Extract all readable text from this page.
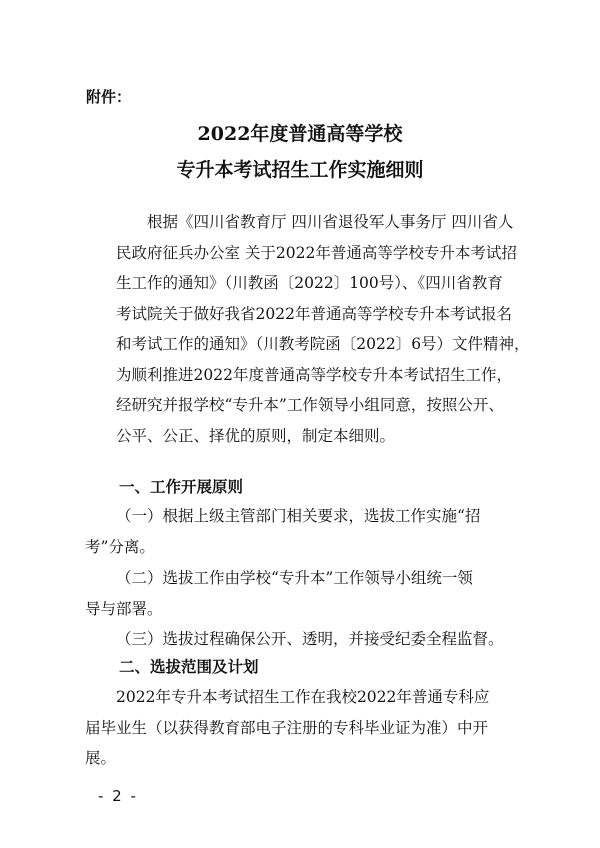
附件：
2022年度普通高等学校
专升本考试招生工作实施细则
根据《四川省教育厅 四川省退役军人事务厅 四川省人
民政府征兵办公室 关于2022年普通高等学校专升本考试招
生工作的通知》（川教函〔2022〕100号）、《四川省教育
考试院关于做好我省2022年普通高等学校专升本考试报名
和考试工作的通知》（川教考院函〔2022〕6号）文件精神，
为顺利推进2022年度普通高等学校专升本考试招生工作，
经研究并报学校“专升本”工作领导小组同意，按照公开、
公平、公正、择优的原则，制定本细则。
一、工作开展原则
（一）根据上级主管部门相关要求，选拔工作实施“招
考”分离。
（二）选拔工作由学校“专升本”工作领导小组统一领
导与部署。
（三）选拔过程确保公开、透明，并接受纪委全程监督。
二、选拔范围及计划
2022年专升本考试招生工作在我校2022年普通专科应
届毕业生（以获得教育部电子注册的专科毕业证为准）中开
展。
- 2 -
